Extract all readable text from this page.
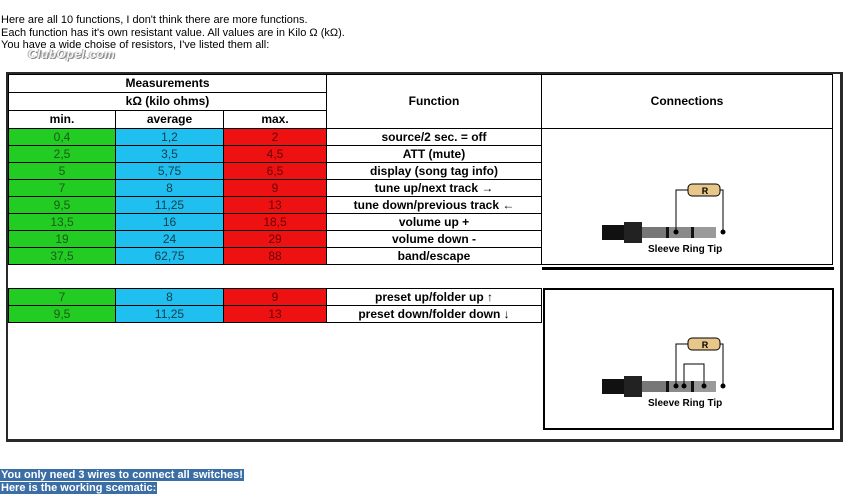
Here are all 10 functions, I don't think there are more functions.
Each function has it's own resistant value. All values are in Kilo Ω (kΩ).
You have a wide choise of resistors, I've listed them all:
ClubOpel.com
Measurements			Function	Connections
kΩ (kilo ohms)				
min.	average	max.		
0,4	1,2	2	source/2 sec. = off	
2,5	3,5	4,5	ATT (mute)	
5	5,75	6,5	display (song tag info)	
7	8	9	tune up/next track →	
9,5	11,25	13	tune down/previous track ←	
13,5	16	18,5	volume up +	
19	24	29	volume down -	
37,5	62,75	88	band/escape	
7	8	9	preset up/folder up ↑
9,5	11,25	13	preset down/folder down ↓
R
Sleeve Ring Tip
R
Sleeve Ring Tip
You only need 3 wires to connect all switches!
Here is the working scematic:
